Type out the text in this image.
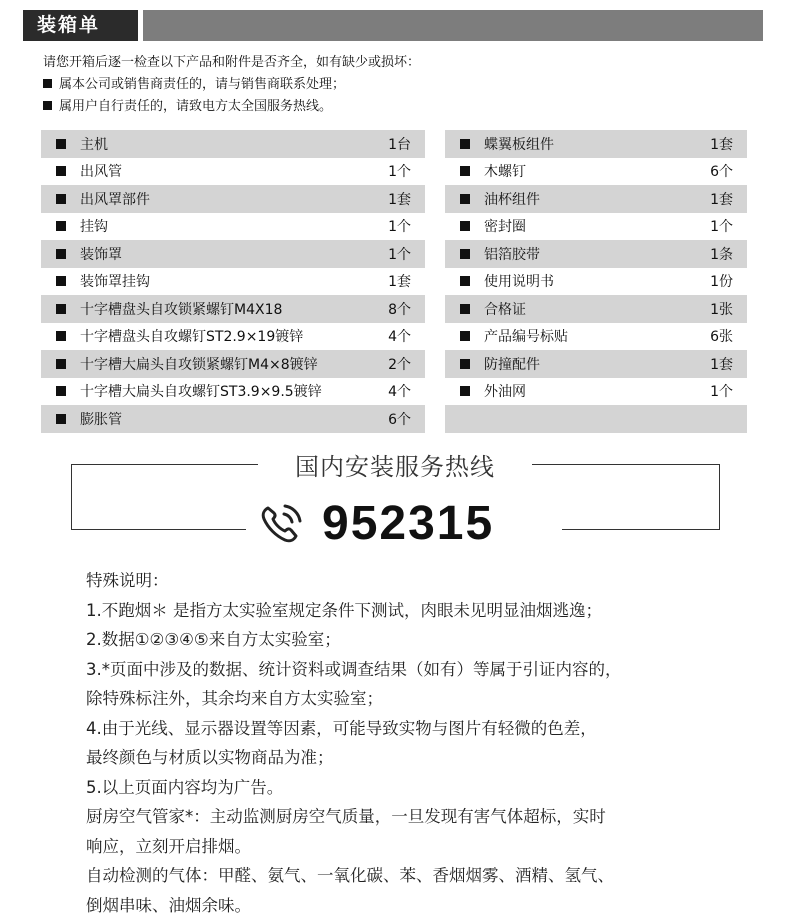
装箱单
请您开箱后逐一检查以下产品和附件是否齐全，如有缺少或损坏：
属本公司或销售商责任的，请与销售商联系处理；
属用户自行责任的，请致电方太全国服务热线。
主机	1台
出风管	1个
出风罩部件	1套
挂钩	1个
装饰罩	1个
装饰罩挂钩	1套
十字槽盘头自攻锁紧螺钉M4X18	8个
十字槽盘头自攻螺钉ST2.9×19镀锌	4个
十字槽大扁头自攻锁紧螺钉M4×8镀锌	2个
十字槽大扁头自攻螺钉ST3.9×9.5镀锌	4个
膨胀管	6个
蝶翼板组件	1套
木螺钉	6个
油杯组件	1套
密封圈	1个
铝箔胶带	1条
使用说明书	1份
合格证	1张
产品编号标贴	6张
防撞配件	1套
外油网	1个
国内安装服务热线
952315
特殊说明：
1.不跑烟＊ 是指方太实验室规定条件下测试，肉眼未见明显油烟逃逸；
2.数据①②③④⑤来自方太实验室；
3.*页面中涉及的数据、统计资料或调查结果（如有）等属于引证内容的，
除特殊标注外，其余均来自方太实验室；
4.由于光线、显示器设置等因素，可能导致实物与图片有轻微的色差，
最终颜色与材质以实物商品为准；
5.以上页面内容均为广告。
厨房空气管家*：主动监测厨房空气质量，一旦发现有害气体超标，实时
响应，立刻开启排烟。
自动检测的气体：甲醛、氨气、一氧化碳、苯、香烟烟雾、酒精、氢气、
倒烟串味、油烟余味。
